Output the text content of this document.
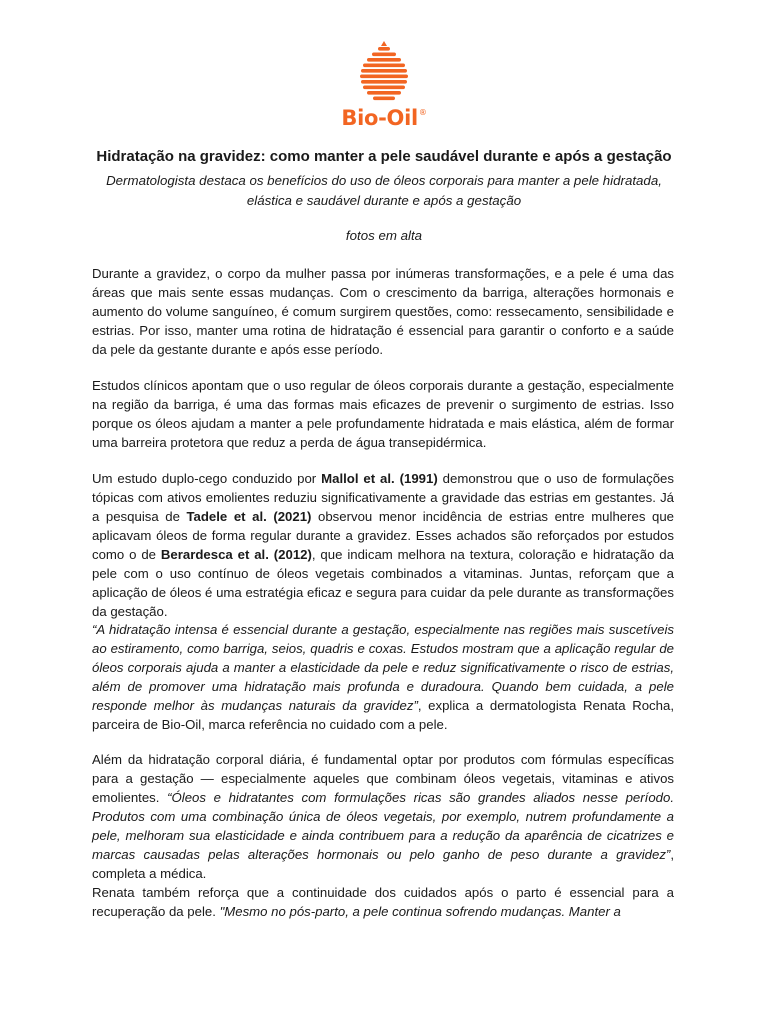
Bio-Oil®
Hidratação na gravidez: como manter a pele saudável durante e após a gestação

Dermatologista destaca os benefícios do uso de óleos corporais para manter a pele hidratada,
elástica e saudável durante e após a gestação

fotos em alta

Durante a gravidez, o corpo da mulher passa por inúmeras transformações, e a pele é uma das áreas que mais sente essas mudanças. Com o crescimento da barriga, alterações hormonais e aumento do volume sanguíneo, é comum surgirem questões, como: ressecamento, sensibilidade e estrias. Por isso, manter uma rotina de hidratação é essencial para garantir o conforto e a saúde da pele da gestante durante e após esse período.

Estudos clínicos apontam que o uso regular de óleos corporais durante a gestação, especialmente na região da barriga, é uma das formas mais eficazes de prevenir o surgimento de estrias. Isso porque os óleos ajudam a manter a pele profundamente hidratada e mais elástica, além de formar uma barreira protetora que reduz a perda de água transepidérmica.

Um estudo duplo-cego conduzido por Mallol et al. (1991) demonstrou que o uso de formulações tópicas com ativos emolientes reduziu significativamente a gravidade das estrias em gestantes. Já a pesquisa de Tadele et al. (2021) observou menor incidência de estrias entre mulheres que aplicavam óleos de forma regular durante a gravidez. Esses achados são reforçados por estudos como o de Berardesca et al. (2012), que indicam melhora na textura, coloração e hidratação da pele com o uso contínuo de óleos vegetais combinados a vitaminas. Juntas, reforçam que a aplicação de óleos é uma estratégia eficaz e segura para cuidar da pele durante as transformações da gestação.

“A hidratação intensa é essencial durante a gestação, especialmente nas regiões mais suscetíveis ao estiramento, como barriga, seios, quadris e coxas. Estudos mostram que a aplicação regular de óleos corporais ajuda a manter a elasticidade da pele e reduz significativamente o risco de estrias, além de promover uma hidratação mais profunda e duradoura. Quando bem cuidada, a pele responde melhor às mudanças naturais da gravidez”, explica a dermatologista Renata Rocha, parceira de Bio-Oil, marca referência no cuidado com a pele.

Além da hidratação corporal diária, é fundamental optar por produtos com fórmulas específicas para a gestação — especialmente aqueles que combinam óleos vegetais, vitaminas e ativos emolientes. “Óleos e hidratantes com formulações ricas são grandes aliados nesse período. Produtos com uma combinação única de óleos vegetais, por exemplo, nutrem profundamente a pele, melhoram sua elasticidade e ainda contribuem para a redução da aparência de cicatrizes e marcas causadas pelas alterações hormonais ou pelo ganho de peso durante a gravidez”, completa a médica.

Renata também reforça que a continuidade dos cuidados após o parto é essencial para a recuperação da pele. "Mesmo no pós-parto, a pele continua sofrendo mudanças. Manter a
